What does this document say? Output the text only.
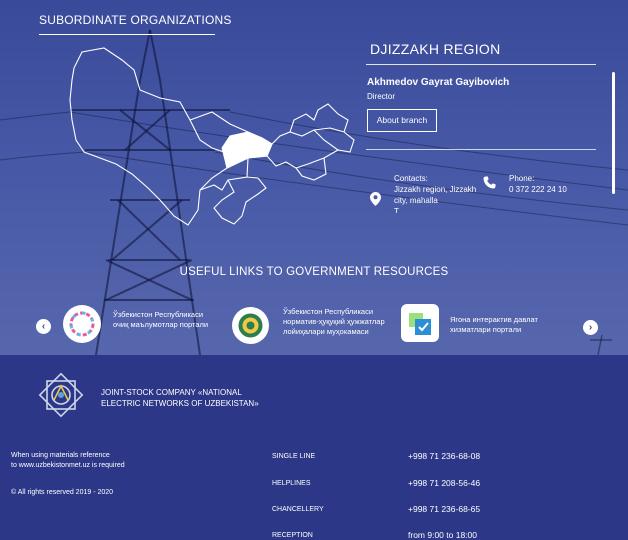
SUBORDINATE ORGANIZATIONS
DJIZZAKH REGION
Akhmedov Gayrat Gayibovich
Director
About branch
Contacts:
Jizzakh region, Jizzakh city, mahalla
T... ... ...
Phone:
0 372 222 24 10
USEFUL LINKS TO GOVERNMENT RESOURCES
‹	›
Ўзбекистон Республикаси очиқ маълумотлар портали
Ўзбекистон Республикаси норматив-ҳуқуқий ҳужжатлар лойиҳалари муҳокамаси
Ягона интерактив давлат хизматлари портали
JOINT-STOCK COMPANY «NATIONAL ELECTRIC NETWORKS OF UZBEKISTAN»
When using materials reference
to www.uzbekistonmet.uz is required
© All rights reserved 2019 - 2020
SINGLE LINE	+998 71 236-68-08
HELPLINES	+998 71 208-56-46
CHANCELLERY	+998 71 236-68-65
RECEPTION	from 9:00 to 18:00
